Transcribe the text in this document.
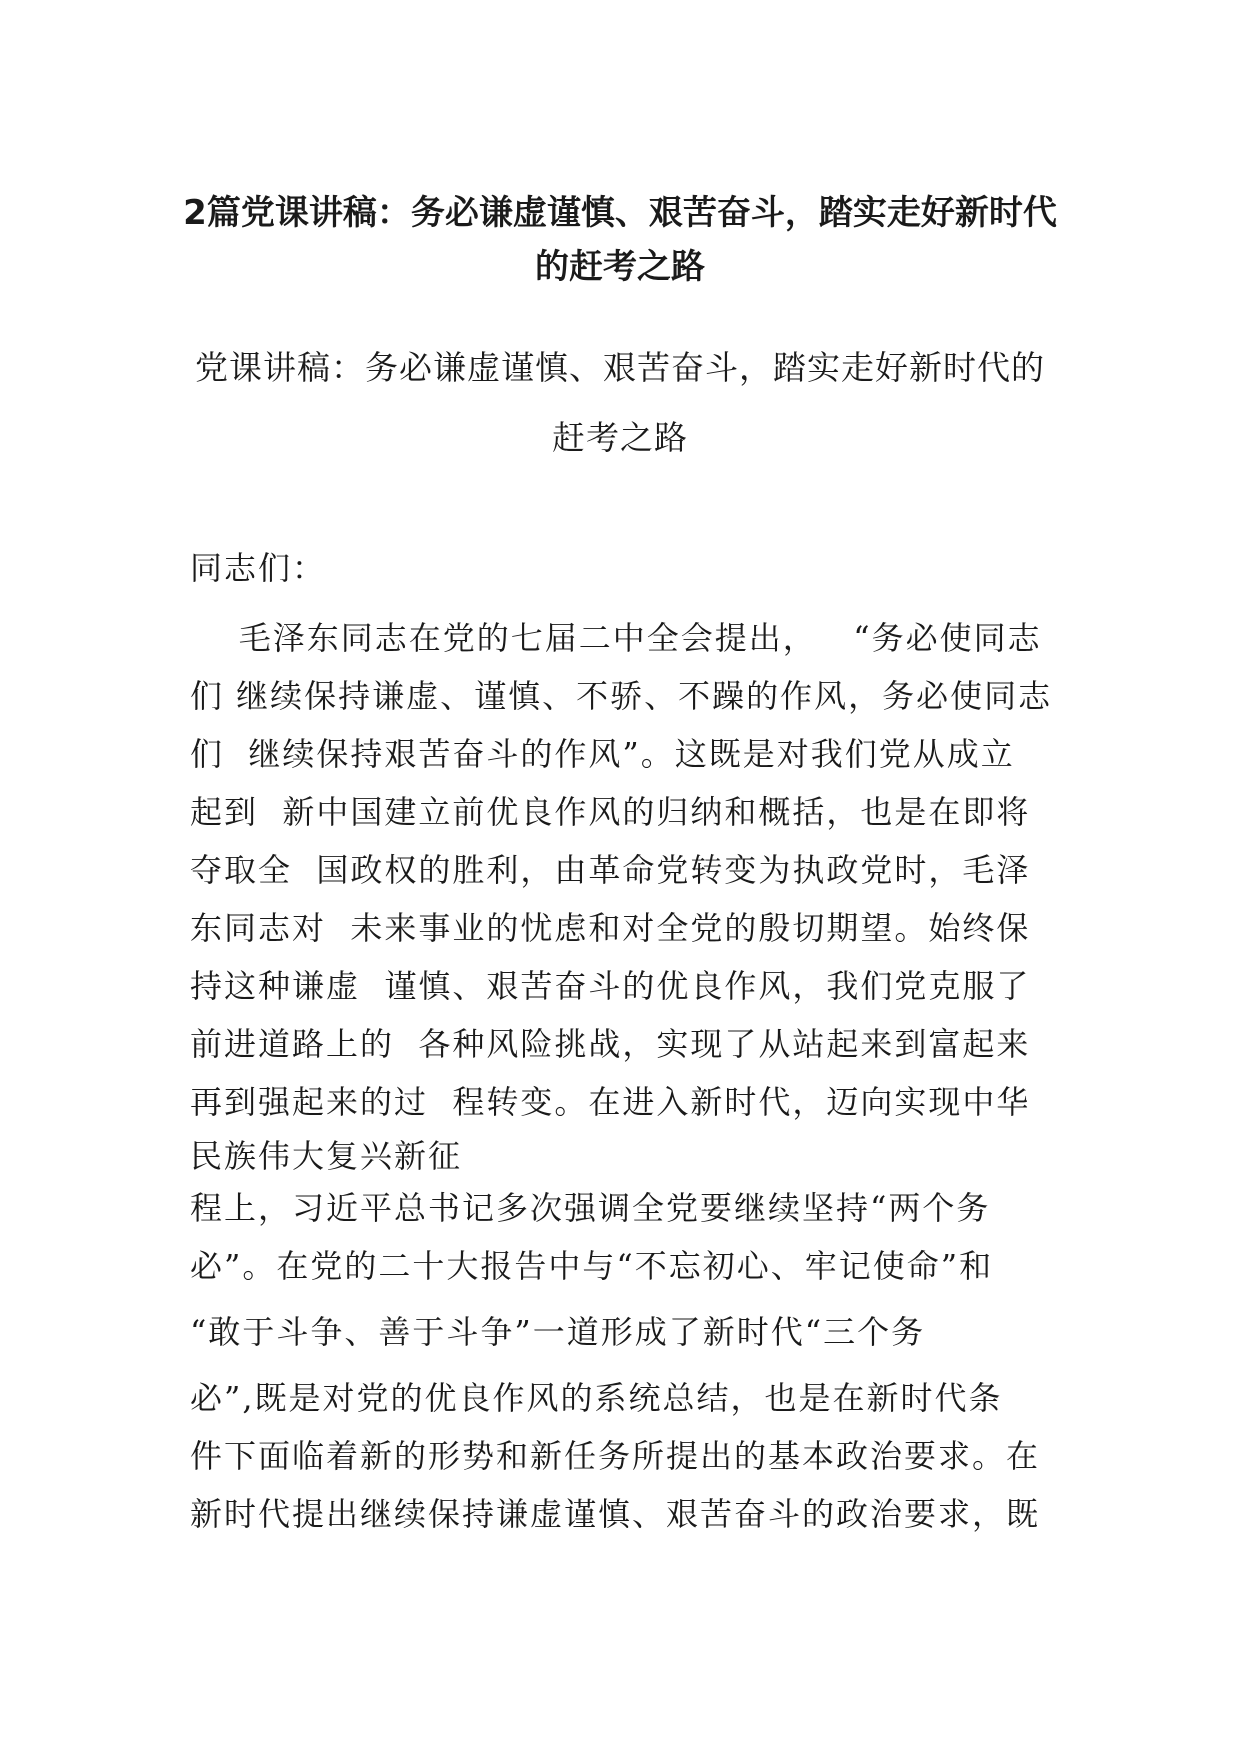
2篇党课讲稿：务必谦虚谨慎、艰苦奋斗，踏实走好新时代的赶考之路

党课讲稿：务必谦虚谨慎、艰苦奋斗，踏实走好新时代的赶考之路

同志们：
毛泽东同志在党的七届二中全会提出，   “务必使同志
们 继续保持谦虚、谨慎、不骄、不躁的作风，务必使同志
们  继续保持艰苦奋斗的作风”。这既是对我们党从成立
起到  新中国建立前优良作风的归纳和概括，也是在即将
夺取全  国政权的胜利，由革命党转变为执政党时，毛泽
东同志对  未来事业的忧虑和对全党的殷切期望。始终保
持这种谦虚  谨慎、艰苦奋斗的优良作风，我们党克服了
前进道路上的  各种风险挑战，实现了从站起来到富起来
再到强起来的过  程转变。在进入新时代，迈向实现中华
民族伟大复兴新征
程上，习近平总书记多次强调全党要继续坚持“两个务
必”。在党的二十大报告中与“不忘初心、牢记使命”和
“敢于斗争、善于斗争”一道形成了新时代“三个务
必”,既是对党的优良作风的系统总结，也是在新时代条
件下面临着新的形势和新任务所提出的基本政治要求。在
新时代提出继续保持谦虚谨慎、艰苦奋斗的政治要求，既
